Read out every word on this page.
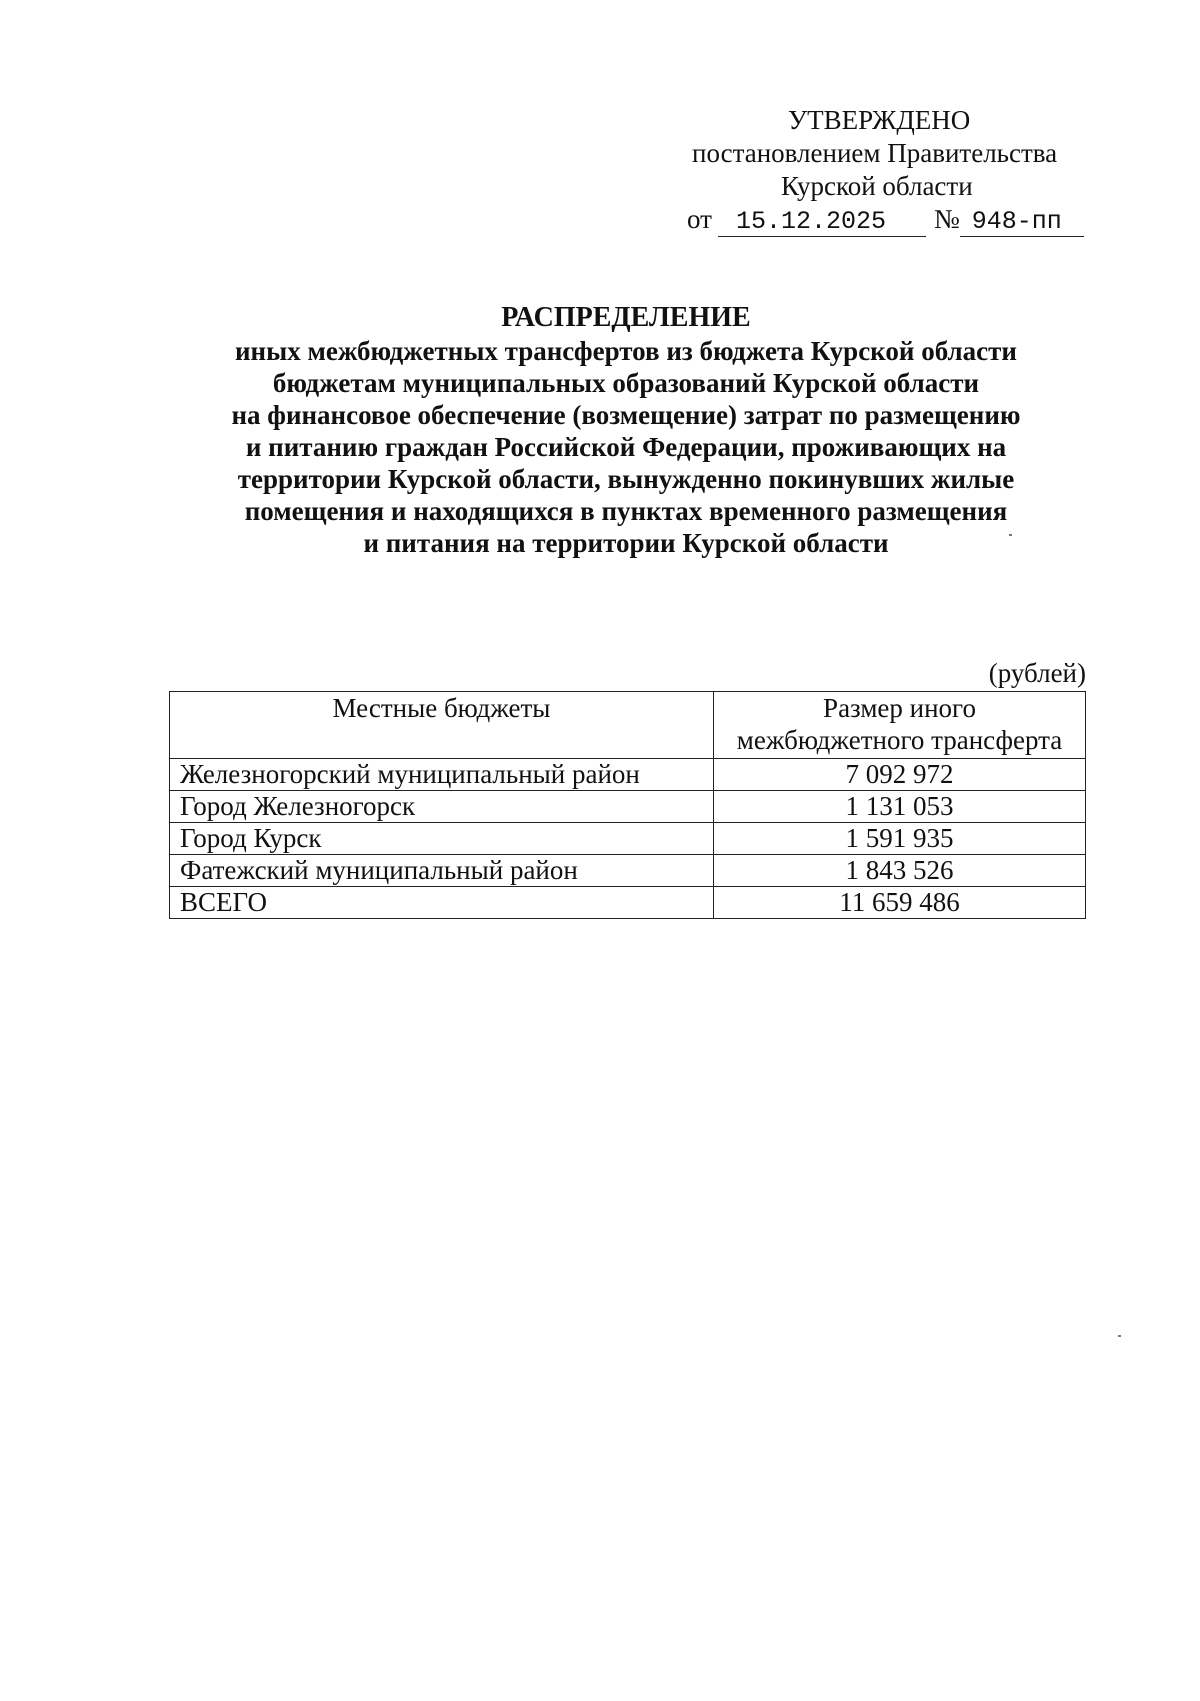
УТВЕРЖДЕНО
постановлением Правительства
Курской области
от 15.12.2025 № 948-пп
РАСПРЕДЕЛЕНИЕ
иных межбюджетных трансфертов из бюджета Курской области
бюджетам муниципальных образований Курской области
на финансовое обеспечение (возмещение) затрат по размещению
и питанию граждан Российской Федерации, проживающих на
территории Курской области, вынужденно покинувших жилые
помещения и находящихся в пунктах временного размещения
и питания на территории Курской области
(рублей)
Местные бюджеты	Размер иного
межбюджетного трансферта
Железногорский муниципальный район	7 092 972
Город Железногорск	1 131 053
Город Курск	1 591 935
Фатежский муниципальный район	1 843 526
ВСЕГО	11 659 486
